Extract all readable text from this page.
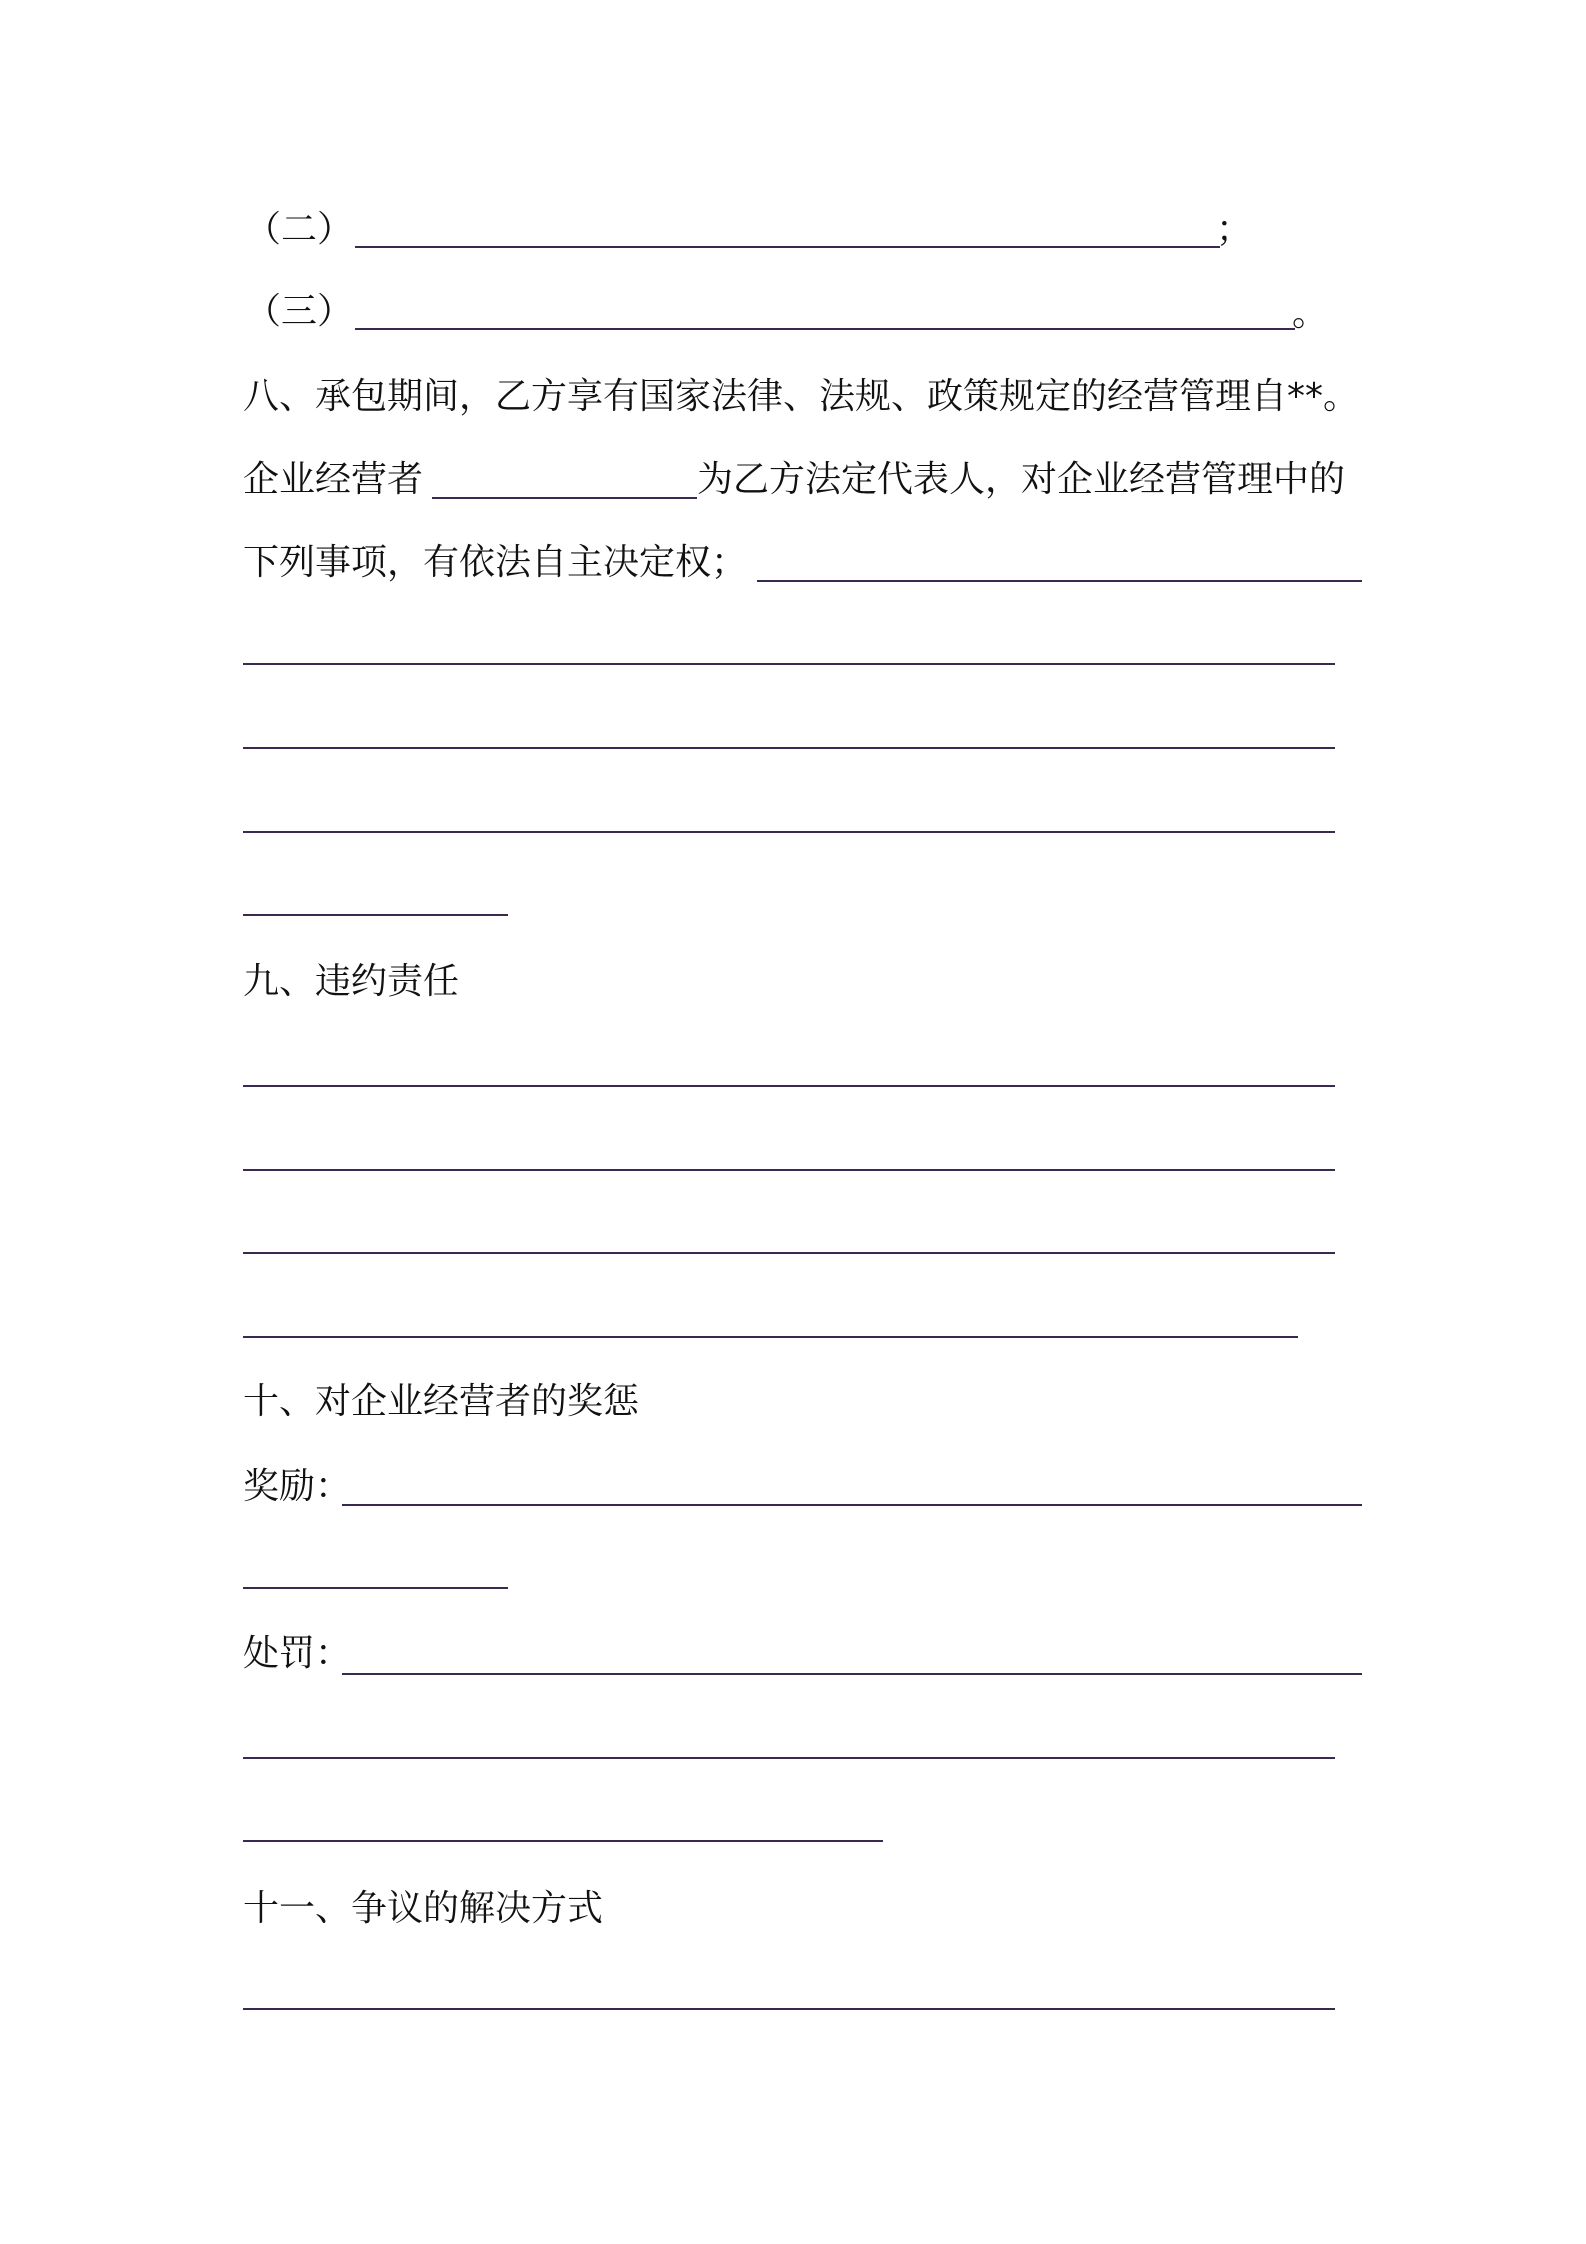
（二）	；
（三）	。
八、承包期间，乙方享有国家法律、法规、政策规定的经营管理自**。
企业经营者	为乙方法定代表人，对企业经营管理中的
下列事项，有依法自主决定权；
九、违约责任
十、对企业经营者的奖惩
奖励：
处罚：
十一、争议的解决方式
